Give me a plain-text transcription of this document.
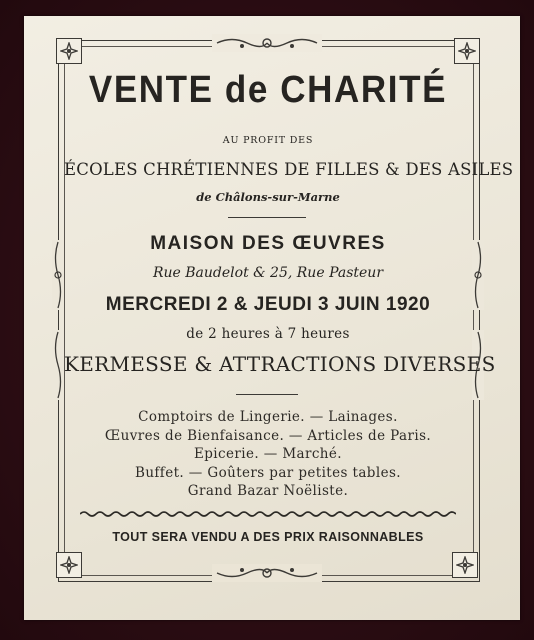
VENTE de CHARITÉ
AU PROFIT DES
ÉCOLES CHRÉTIENNES DE FILLES & DES ASILES
de Châlons-sur-Marne
MAISON DES ŒUVRES
Rue Baudelot & 25, Rue Pasteur
MERCREDI 2 & JEUDI 3 JUIN 1920
de 2 heures à 7 heures
KERMESSE & ATTRACTIONS DIVERSES
Comptoirs de Lingerie. — Lainages.
Œuvres de Bienfaisance. — Articles de Paris.
Epicerie. — Marché.
Buffet. — Goûters par petites tables.
Grand Bazar Noëliste.
TOUT SERA VENDU A DES PRIX RAISONNABLES
